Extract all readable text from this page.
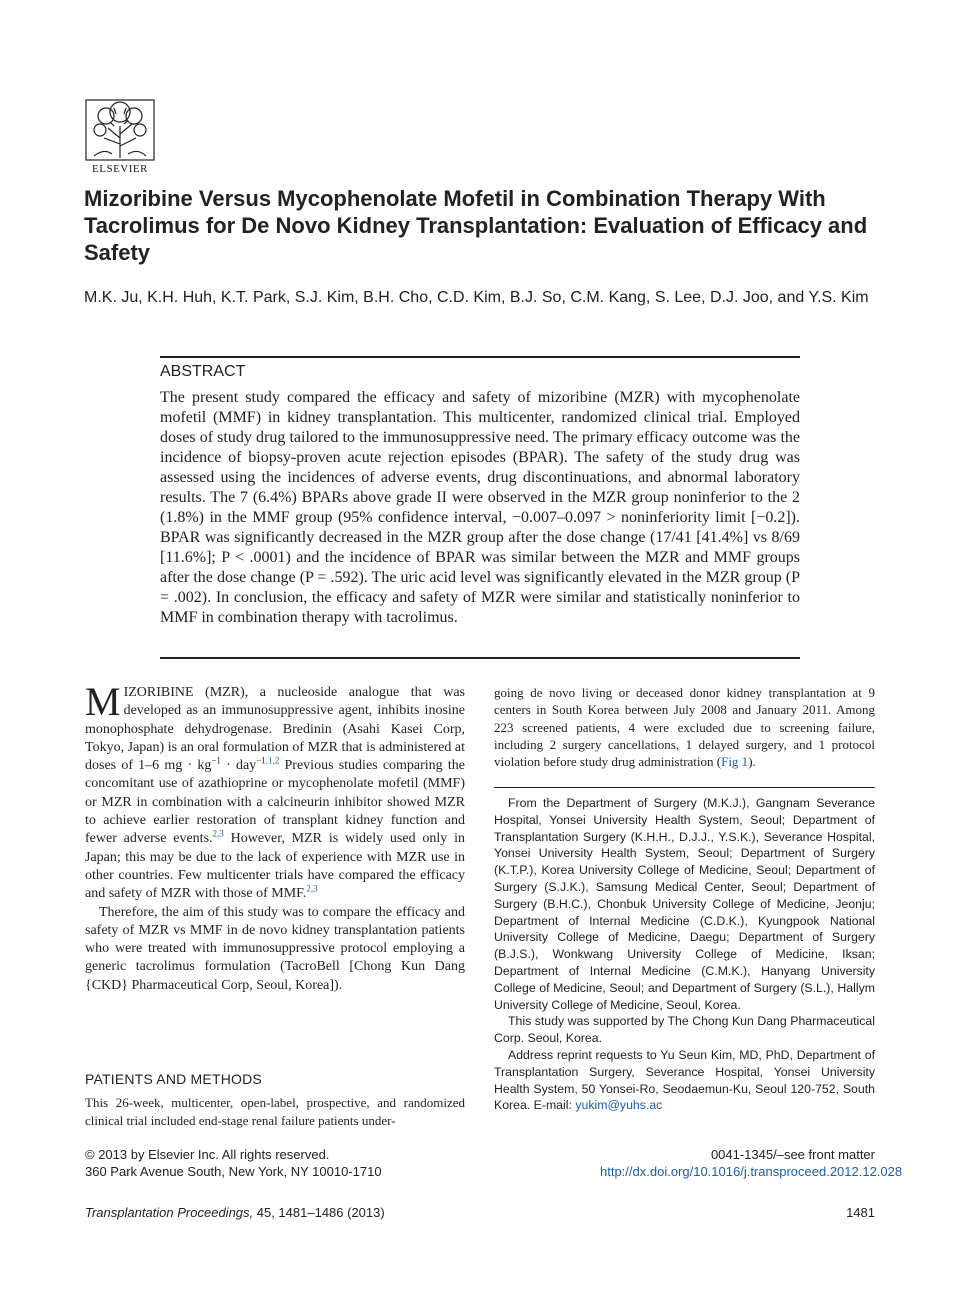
ELSEVIER
Mizoribine Versus Mycophenolate Mofetil in Combination Therapy With Tacrolimus for De Novo Kidney Transplantation: Evaluation of Efficacy and Safety
M.K. Ju, K.H. Huh, K.T. Park, S.J. Kim, B.H. Cho, C.D. Kim, B.J. So, C.M. Kang, S. Lee, D.J. Joo, and Y.S. Kim
ABSTRACT
The present study compared the efficacy and safety of mizoribine (MZR) with mycophenolate mofetil (MMF) in kidney transplantation. This multicenter, randomized clinical trial. Employed doses of study drug tailored to the immunosuppressive need. The primary efficacy outcome was the incidence of biopsy-proven acute rejection episodes (BPAR). The safety of the study drug was assessed using the incidences of adverse events, drug discontinuations, and abnormal laboratory results. The 7 (6.4%) BPARs above grade II were observed in the MZR group noninferior to the 2 (1.8%) in the MMF group (95% confidence interval, −0.007–0.097 > noninferiority limit [−0.2]). BPAR was significantly decreased in the MZR group after the dose change (17/41 [41.4%] vs 8/69 [11.6%]; P < .0001) and the incidence of BPAR was similar between the MZR and MMF groups after the dose change (P = .592). The uric acid level was significantly elevated in the MZR group (P = .002). In conclusion, the efficacy and safety of MZR were similar and statistically noninferior to MMF in combination therapy with tacrolimus.

MIZORIBINE (MZR), a nucleoside analogue that was developed as an immunosuppressive agent, inhibits inosine monophosphate dehydrogenase. Bredinin (Asahi Kasei Corp, Tokyo, Japan) is an oral formulation of MZR that is administered at doses of 1–6 mg · $kg^{-1} \cdot day^{-1.1,2}$ Previous studies comparing the concomitant use of azathioprine or mycophenolate mofetil (MMF) or MZR in combination with a calcineurin inhibitor showed MZR to achieve earlier restoration of transplant kidney function and fewer adverse events.$^{2,3}$ However, MZR is widely used only in Japan; this may be due to the lack of experience with MZR use in other countries. Few multicenter trials have compared the efficacy and safety of MZR with those of MMF.$^{2,3}$

Therefore, the aim of this study was to compare the efficacy and safety of MZR vs MMF in de novo kidney transplantation patients who were treated with immunosuppressive protocol employing a generic tacrolimus formulation (TacroBell [Chong Kun Dang {CKD} Pharmaceutical Corp, Seoul, Korea]).

PATIENTS AND METHODS
This 26-week, multicenter, open-label, prospective, and randomized clinical trial included end-stage renal failure patients under-
going de novo living or deceased donor kidney transplantation at 9 centers in South Korea between July 2008 and January 2011. Among 223 screened patients, 4 were excluded due to screening failure, including 2 surgery cancellations, 1 delayed surgery, and 1 protocol violation before study drug administration (Fig 1).

From the Department of Surgery (M.K.J.), Gangnam Severance Hospital, Yonsei University Health System, Seoul; Department of Transplantation Surgery (K.H.H., D.J.J., Y.S.K.), Severance Hospital, Yonsei University Health System, Seoul; Department of Surgery (K.T.P.), Korea University College of Medicine, Seoul; Department of Surgery (S.J.K.), Samsung Medical Center, Seoul; Department of Surgery (B.H.C.), Chonbuk University College of Medicine, Jeonju; Department of Internal Medicine (C.D.K.), Kyungpook National University College of Medicine, Daegu; Department of Surgery (B.J.S.), Wonkwang University College of Medicine, Iksan; Department of Internal Medicine (C.M.K.), Hanyang University College of Medicine, Seoul; and Department of Surgery (S.L.), Hallym University College of Medicine, Seoul, Korea.

This study was supported by The Chong Kun Dang Pharmaceutical Corp. Seoul, Korea.

Address reprint requests to Yu Seun Kim, MD, PhD, Department of Transplantation Surgery, Severance Hospital, Yonsei University Health System, 50 Yonsei-Ro, Seodaemun-Ku, Seoul 120-752, South Korea. E-mail: yukim@yuhs.ac

© 2013 by Elsevier Inc. All rights reserved.
360 Park Avenue South, New York, NY 10010-1710
0041-1345/–see front matter
http://dx.doi.org/10.1016/j.transproceed.2012.12.028
Transplantation Proceedings, 45, 1481–1486 (2013)	1481
